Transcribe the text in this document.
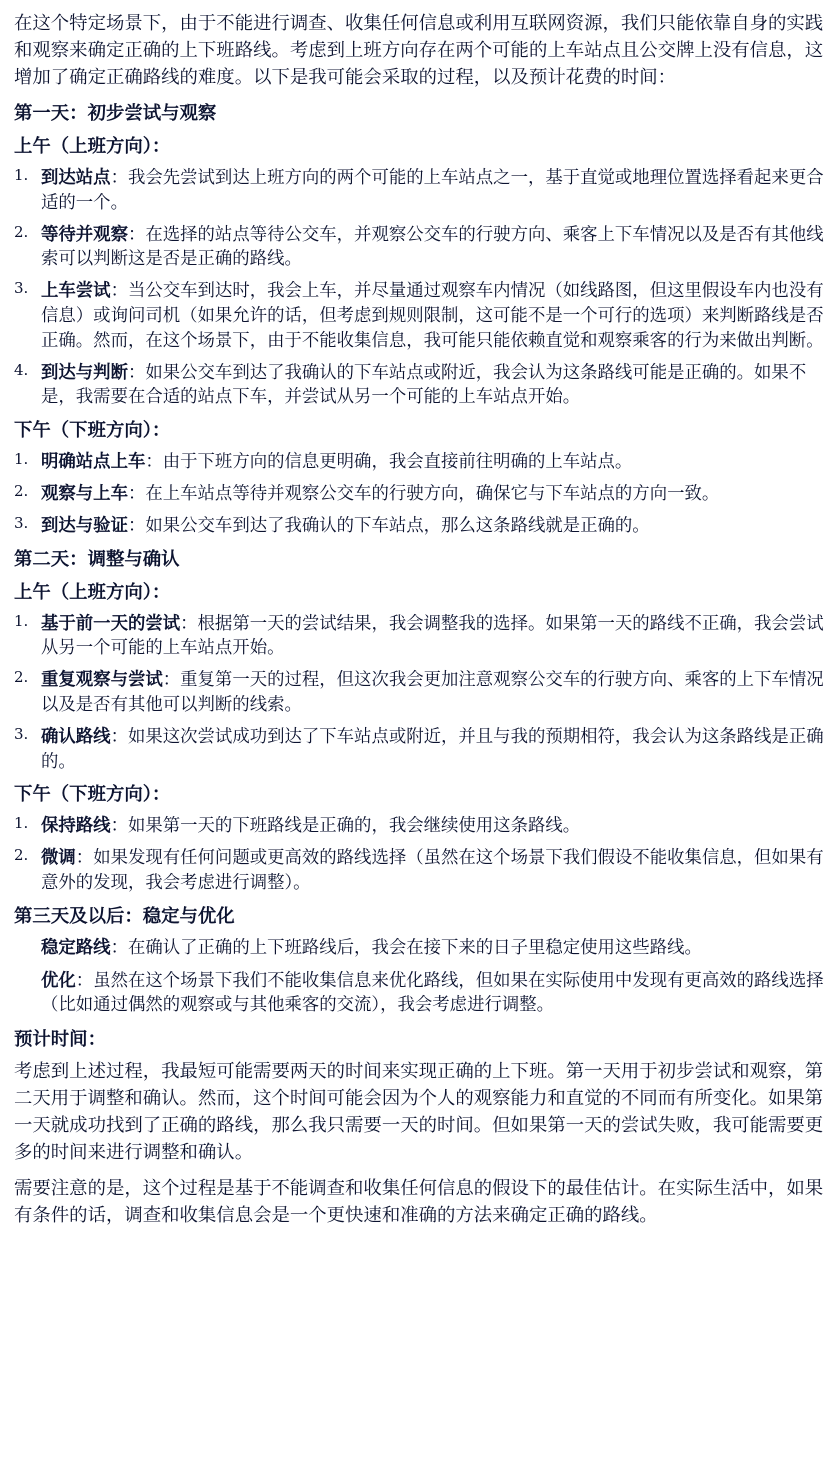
在这个特定场景下，由于不能进行调查、收集任何信息或利用互联网资源，我们只能依靠自身的实践和观察来确定正确的上下班路线。考虑到上班方向存在两个可能的上车站点且公交牌上没有信息，这增加了确定正确路线的难度。以下是我可能会采取的过程，以及预计花费的时间：

第一天：初步尝试与观察
上午（上班方向）：
1. 到达站点：我会先尝试到达上班方向的两个可能的上车站点之一，基于直觉或地理位置选择看起来更合适的一个。
2. 等待并观察：在选择的站点等待公交车，并观察公交车的行驶方向、乘客上下车情况以及是否有其他线索可以判断这是否是正确的路线。
3. 上车尝试：当公交车到达时，我会上车，并尽量通过观察车内情况（如线路图，但这里假设车内也没有信息）或询问司机（如果允许的话，但考虑到规则限制，这可能不是一个可行的选项）来判断路线是否正确。然而，在这个场景下，由于不能收集信息，我可能只能依赖直觉和观察乘客的行为来做出判断。
4. 到达与判断：如果公交车到达了我确认的下车站点或附近，我会认为这条路线可能是正确的。如果不是，我需要在合适的站点下车，并尝试从另一个可能的上车站点开始。
下午（下班方向）：
1. 明确站点上车：由于下班方向的信息更明确，我会直接前往明确的上车站点。
2. 观察与上车：在上车站点等待并观察公交车的行驶方向，确保它与下车站点的方向一致。
3. 到达与验证：如果公交车到达了我确认的下车站点，那么这条路线就是正确的。
第二天：调整与确认
上午（上班方向）：
1. 基于前一天的尝试：根据第一天的尝试结果，我会调整我的选择。如果第一天的路线不正确，我会尝试从另一个可能的上车站点开始。
2. 重复观察与尝试：重复第一天的过程，但这次我会更加注意观察公交车的行驶方向、乘客的上下车情况以及是否有其他可以判断的线索。
3. 确认路线：如果这次尝试成功到达了下车站点或附近，并且与我的预期相符，我会认为这条路线是正确的。
下午（下班方向）：
1. 保持路线：如果第一天的下班路线是正确的，我会继续使用这条路线。
2. 微调：如果发现有任何问题或更高效的路线选择（虽然在这个场景下我们假设不能收集信息，但如果有意外的发现，我会考虑进行调整）。
第三天及以后：稳定与优化
稳定路线：在确认了正确的上下班路线后，我会在接下来的日子里稳定使用这些路线。
优化：虽然在这个场景下我们不能收集信息来优化路线，但如果在实际使用中发现有更高效的路线选择（比如通过偶然的观察或与其他乘客的交流），我会考虑进行调整。
预计时间：

考虑到上述过程，我最短可能需要两天的时间来实现正确的上下班。第一天用于初步尝试和观察，第二天用于调整和确认。然而，这个时间可能会因为个人的观察能力和直觉的不同而有所变化。如果第一天就成功找到了正确的路线，那么我只需要一天的时间。但如果第一天的尝试失败，我可能需要更多的时间来进行调整和确认。

需要注意的是，这个过程是基于不能调查和收集任何信息的假设下的最佳估计。在实际生活中，如果有条件的话，调查和收集信息会是一个更快速和准确的方法来确定正确的路线。
